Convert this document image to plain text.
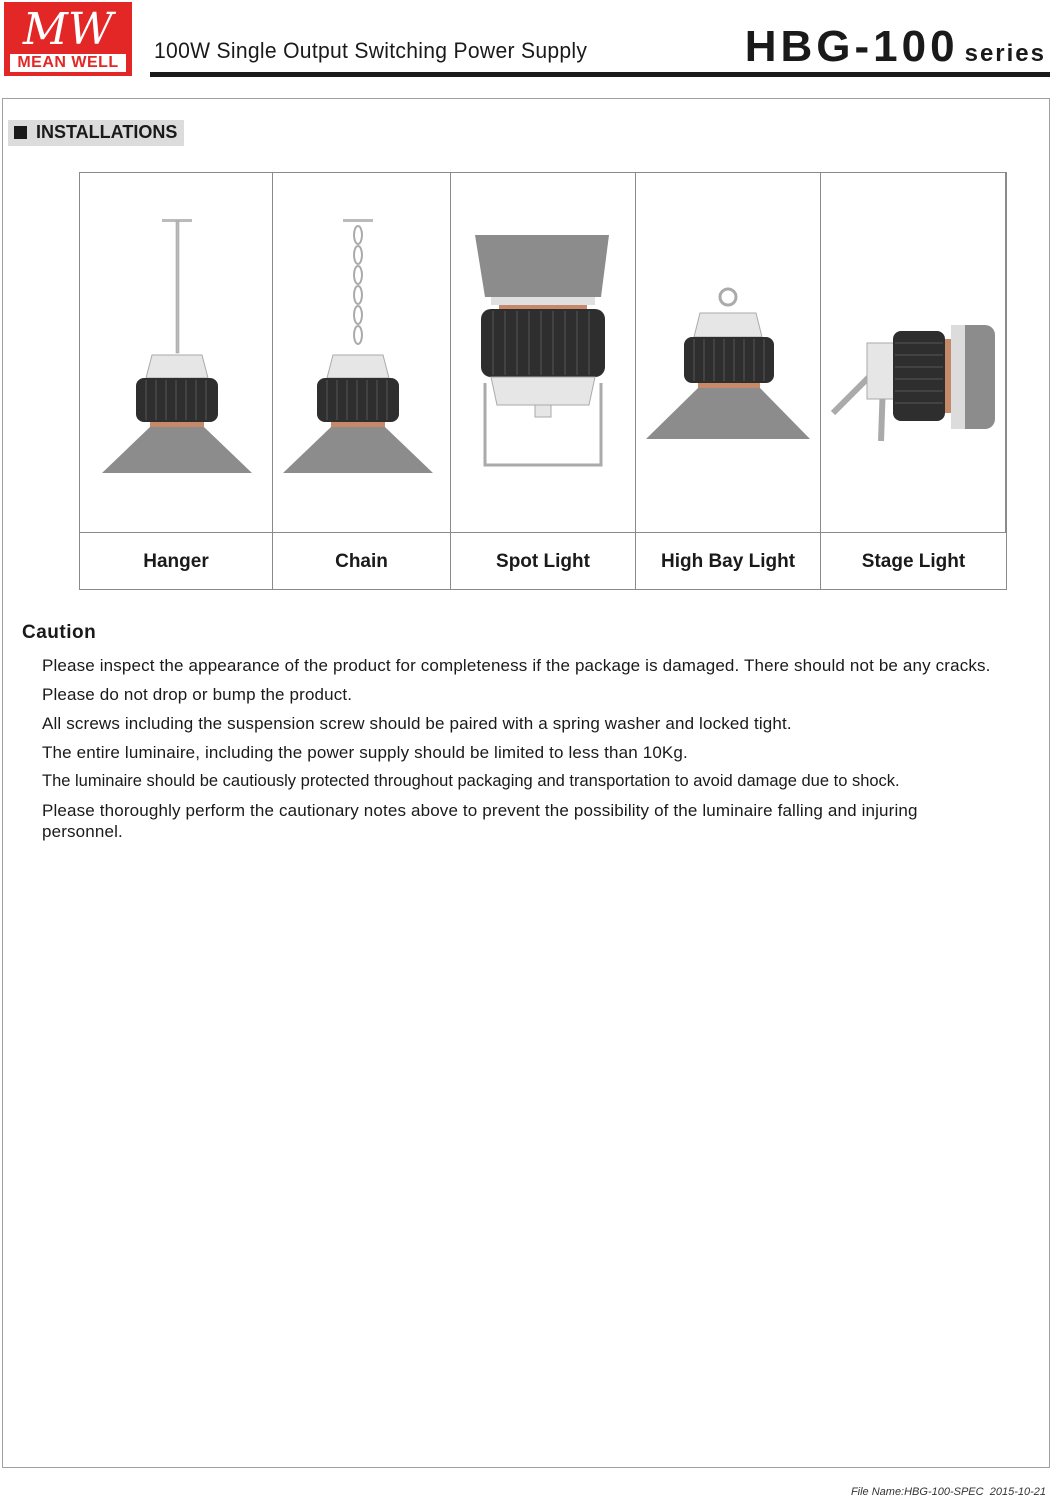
MW
MEAN WELL	100W Single Output Switching Power Supply	HBG-100 series
INSTALLATIONS
Hanger	Chain	Spot Light	High Bay Light	Stage Light
Caution
Please inspect the appearance of the product for completeness if the package is damaged. There should not be any cracks.
Please do not drop or bump the product.
All screws including the suspension screw should be paired with a spring washer and locked tight.
The entire luminaire, including the power supply should be limited to less than 10Kg.
The luminaire should be cautiously protected throughout packaging and transportation to avoid damage due to shock.
Please thoroughly perform the cautionary notes above to prevent the possibility of the luminaire falling and injuring personnel.
File Name:HBG-100-SPEC 2015-10-21
